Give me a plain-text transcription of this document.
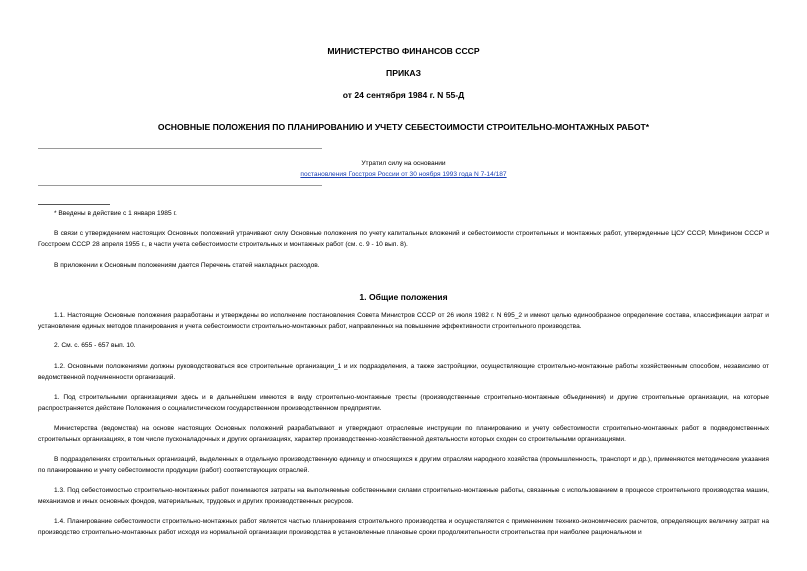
МИНИСТЕРСТВО ФИНАНСОВ СССР
ПРИКАЗ
от 24 сентября 1984 г. N 55-Д
ОСНОВНЫЕ ПОЛОЖЕНИЯ ПО ПЛАНИРОВАНИЮ И УЧЕТУ СЕБЕСТОИМОСТИ СТРОИТЕЛЬНО-МОНТАЖНЫХ РАБОТ*
Утратил силу на основании
постановления Госстроя России от 30 ноября 1993 года N 7-14/187

* Введены в действие с 1 января 1985 г.

В связи с утверждением настоящих Основных положений утрачивают силу Основные положения по учету капитальных вложений и себестоимости строительных и монтажных работ, утвержденные ЦСУ СССР, Минфином СССР и Госстроем СССР 28 апреля 1955 г., в части учета себестоимости строительных и монтажных работ (см. с. 9 - 10 вып. 8).

В приложении к Основным положениям дается Перечень статей накладных расходов.

1. Общие положения

1.1. Настоящие Основные положения разработаны и утверждены во исполнение постановления Совета Министров СССР от 26 июля 1982 г. N 695_2 и имеют целью единообразное определение состава, классификации затрат и установление единых методов планирования и учета себестоимости строительно-монтажных работ, направленных на повышение эффективности строительного производства.

2. См. с. 655 - 657 вып. 10.

1.2. Основными положениями должны руководствоваться все строительные организации_1 и их подразделения, а также застройщики, осуществляющие строительно-монтажные работы хозяйственным способом, независимо от ведомственной подчиненности организаций.

1. Под строительными организациями здесь и в дальнейшем имеются в виду строительно-монтажные тресты (производственные строительно-монтажные объединения) и другие строительные организации, на которые распространяется действие Положения о социалистическом государственном производственном предприятии.

Министерства (ведомства) на основе настоящих Основных положений разрабатывают и утверждают отраслевые инструкции по планированию и учету себестоимости строительно-монтажных работ в подведомственных строительных организациях, в том числе пусконаладочных и других организациях, характер производственно-хозяйственной деятельности которых сходен со строительными организациями.

В подразделениях строительных организаций, выделенных в отдельную производственную единицу и относящихся к другим отраслям народного хозяйства (промышленность, транспорт и др.), применяются методические указания по планированию и учету себестоимости продукции (работ) соответствующих отраслей.

1.3. Под себестоимостью строительно-монтажных работ понимаются затраты на выполняемые собственными силами строительно-монтажные работы, связанные с использованием в процессе строительного производства машин, механизмов и иных основных фондов, материальных, трудовых и других производственных ресурсов.

1.4. Планирование себестоимости строительно-монтажных работ является частью планирования строительного производства и осуществляется с применением технико-экономических расчетов, определяющих величину затрат на производство строительно-монтажных работ исходя из нормальной организации производства в установленные плановые сроки продолжительности строительства при наиболее рациональном и
